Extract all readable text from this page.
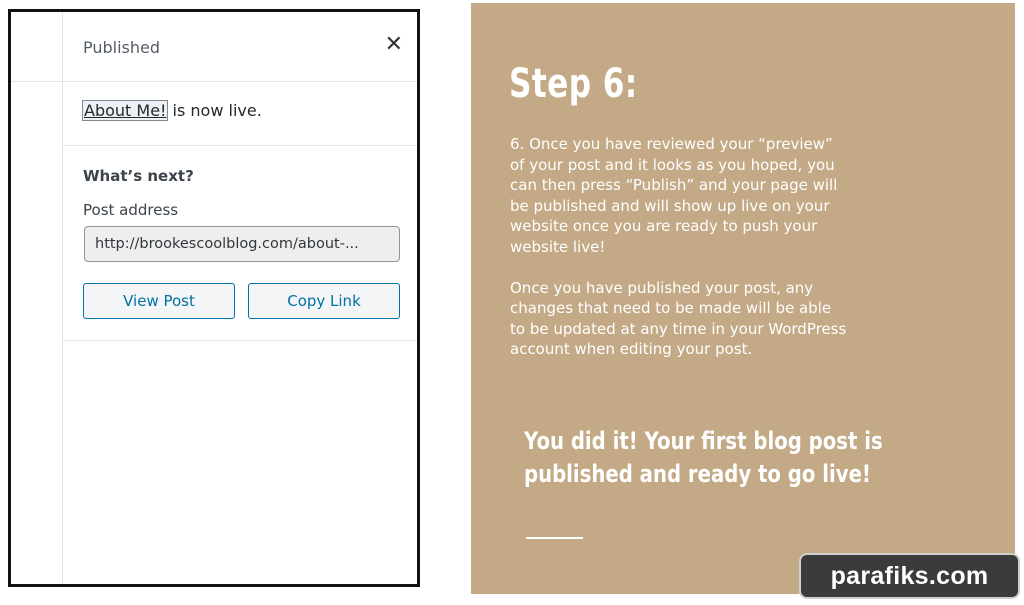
Published	✕
About Me! is now live.
What’s next?
Post address
http://brookescoolblog.com/about-...
View Post	Copy Link
Step 6:

6. Once you have reviewed your “preview” of your post and it looks as you hoped, you can then press “Publish” and your page will be published and will show up live on your website once you are ready to push your website live!

Once you have published your post, any changes that need to be made will be able to be updated at any time in your WordPress account when editing your post.

You did it! Your first blog post is published and ready to go live!
parafiks.com
